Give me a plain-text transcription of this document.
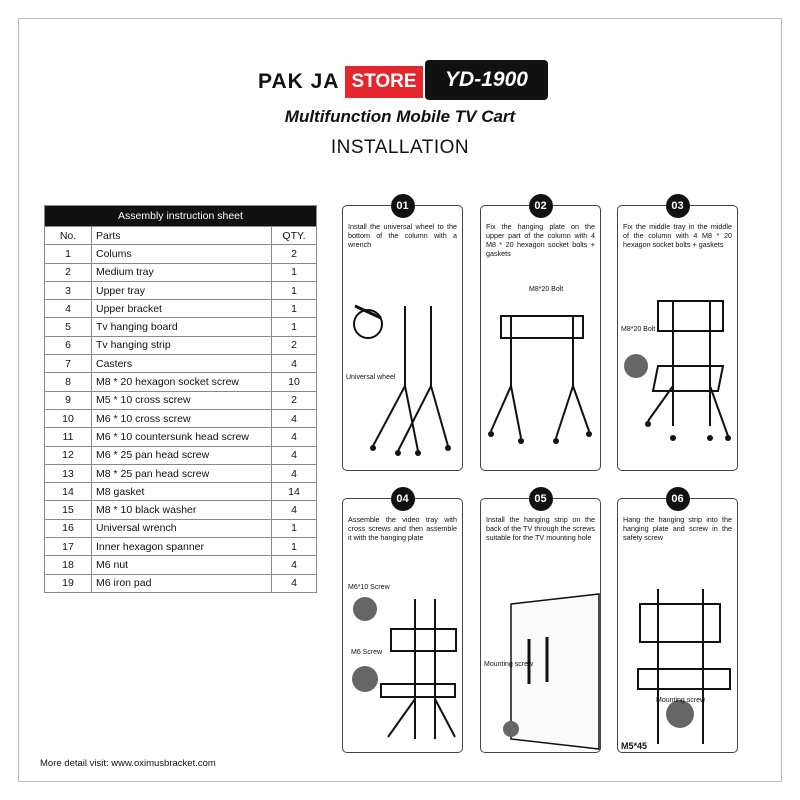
PAK JA STORE	YD-1900
Multifunction Mobile TV Cart
INSTALLATION
Assembly instruction sheet		
No.	Parts	QTY.
1	Colums	2
2	Medium tray	1
3	Upper tray	1
4	Upper bracket	1
5	Tv hanging board	1
6	Tv hanging strip	2
7	Casters	4
8	M8 * 20 hexagon socket screw	10
9	M5 * 10 cross screw	2
10	M6 * 10 cross screw	4
11	M6 * 10 countersunk head screw	4
12	M6 * 25 pan head screw	4
13	M8 * 25 pan head screw	4
14	M8 gasket	14
15	M8 * 10 black washer	4
16	Universal wrench	1
17	Inner hexagon spanner	1
18	M6 nut	4
19	M6 iron pad	4
01
Install the universal wheel to the bottom of the column with a wrench
Universal wheel
02
Fix the hanging plate on the upper part of the column with 4 M8 * 20 hexagon socket bolts + gaskets
M8*20 Bolt
03
Fix the middle tray in the middle of the column with 4 M8 * 20 hexagon socket bolts + gaskets
M8*20 Bolt
04
Assemble the video tray with cross screws and then assemble it with the hanging plate
M6*10 Screw
M6 Screw
05
Install the hanging strip on the back of the TV through the screws suitable for the TV mounting hole
Mounting screw
06
Hang the hanging strip into the hanging plate and screw in the safety screw
Mounting screw
M5*45
More detail visit: www.oximusbracket.com
